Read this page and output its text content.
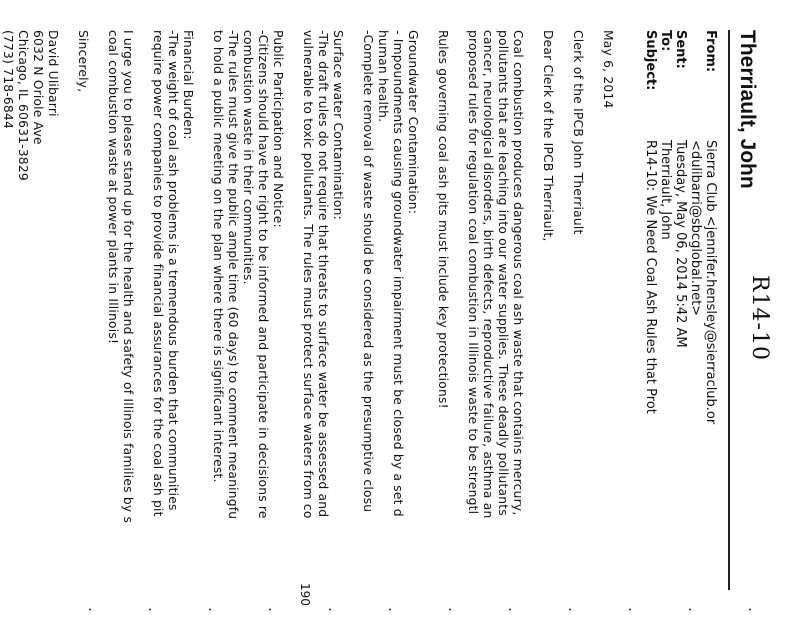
R14-10
Therriault, John
From:
Sierra Club <jennifer.hensley@sierraclub.or
<dulibarri@sbcglobal.net>
Sent:
Tuesday, May 06, 2014 5:42 AM
To:
Therriault, John
Subject:
R14-10: We Need Coal Ash Rules that Prot
May 6, 2014
Clerk of the IPCB John Therriault
Dear Clerk of the IPCB Therriault,
Coal combustion produces dangerous coal ash waste that contains mercury,
pollutants that are leaching into our water supplies. These deadly pollutants
cancer, neurological disorders, birth defects, reproductive failure, asthma an
proposed rules for regulation coal combustion in Illinois waste to be strengtl
Rules governing coal ash pits must include key protections!
Groundwater Contamination:
- Impoundments causing groundwater impairment must be closed by a set d
human health.
-Complete removal of waste should be considered as the presumptive closu
Surface water Contamination:
-The draft rules do not require that threats to surface water be assessed and
vulnerable to toxic pollutants. The rules must protect surface waters from co
Public Participation and Notice:
-Citizens should have the right to be informed and participate in decisions re
combustion waste in their communities.
-The rules must give the public ample time (60 days) to comment meaningfu
to hold a public meeting on the plan where there is significant interest.
Financial Burden:
-The weight of coal ash problems is a tremendous burden that communities
require power companies to provide financial assurances for the coal ash pit
I urge you to please stand up for the health and safety of Illinois families by s
coal combustion waste at power plants in Illinois!
Sincerely,
David Ulibarri
6032 N Oriole Ave
Chicago, IL 60631-3829
(773) 718-6844
190
